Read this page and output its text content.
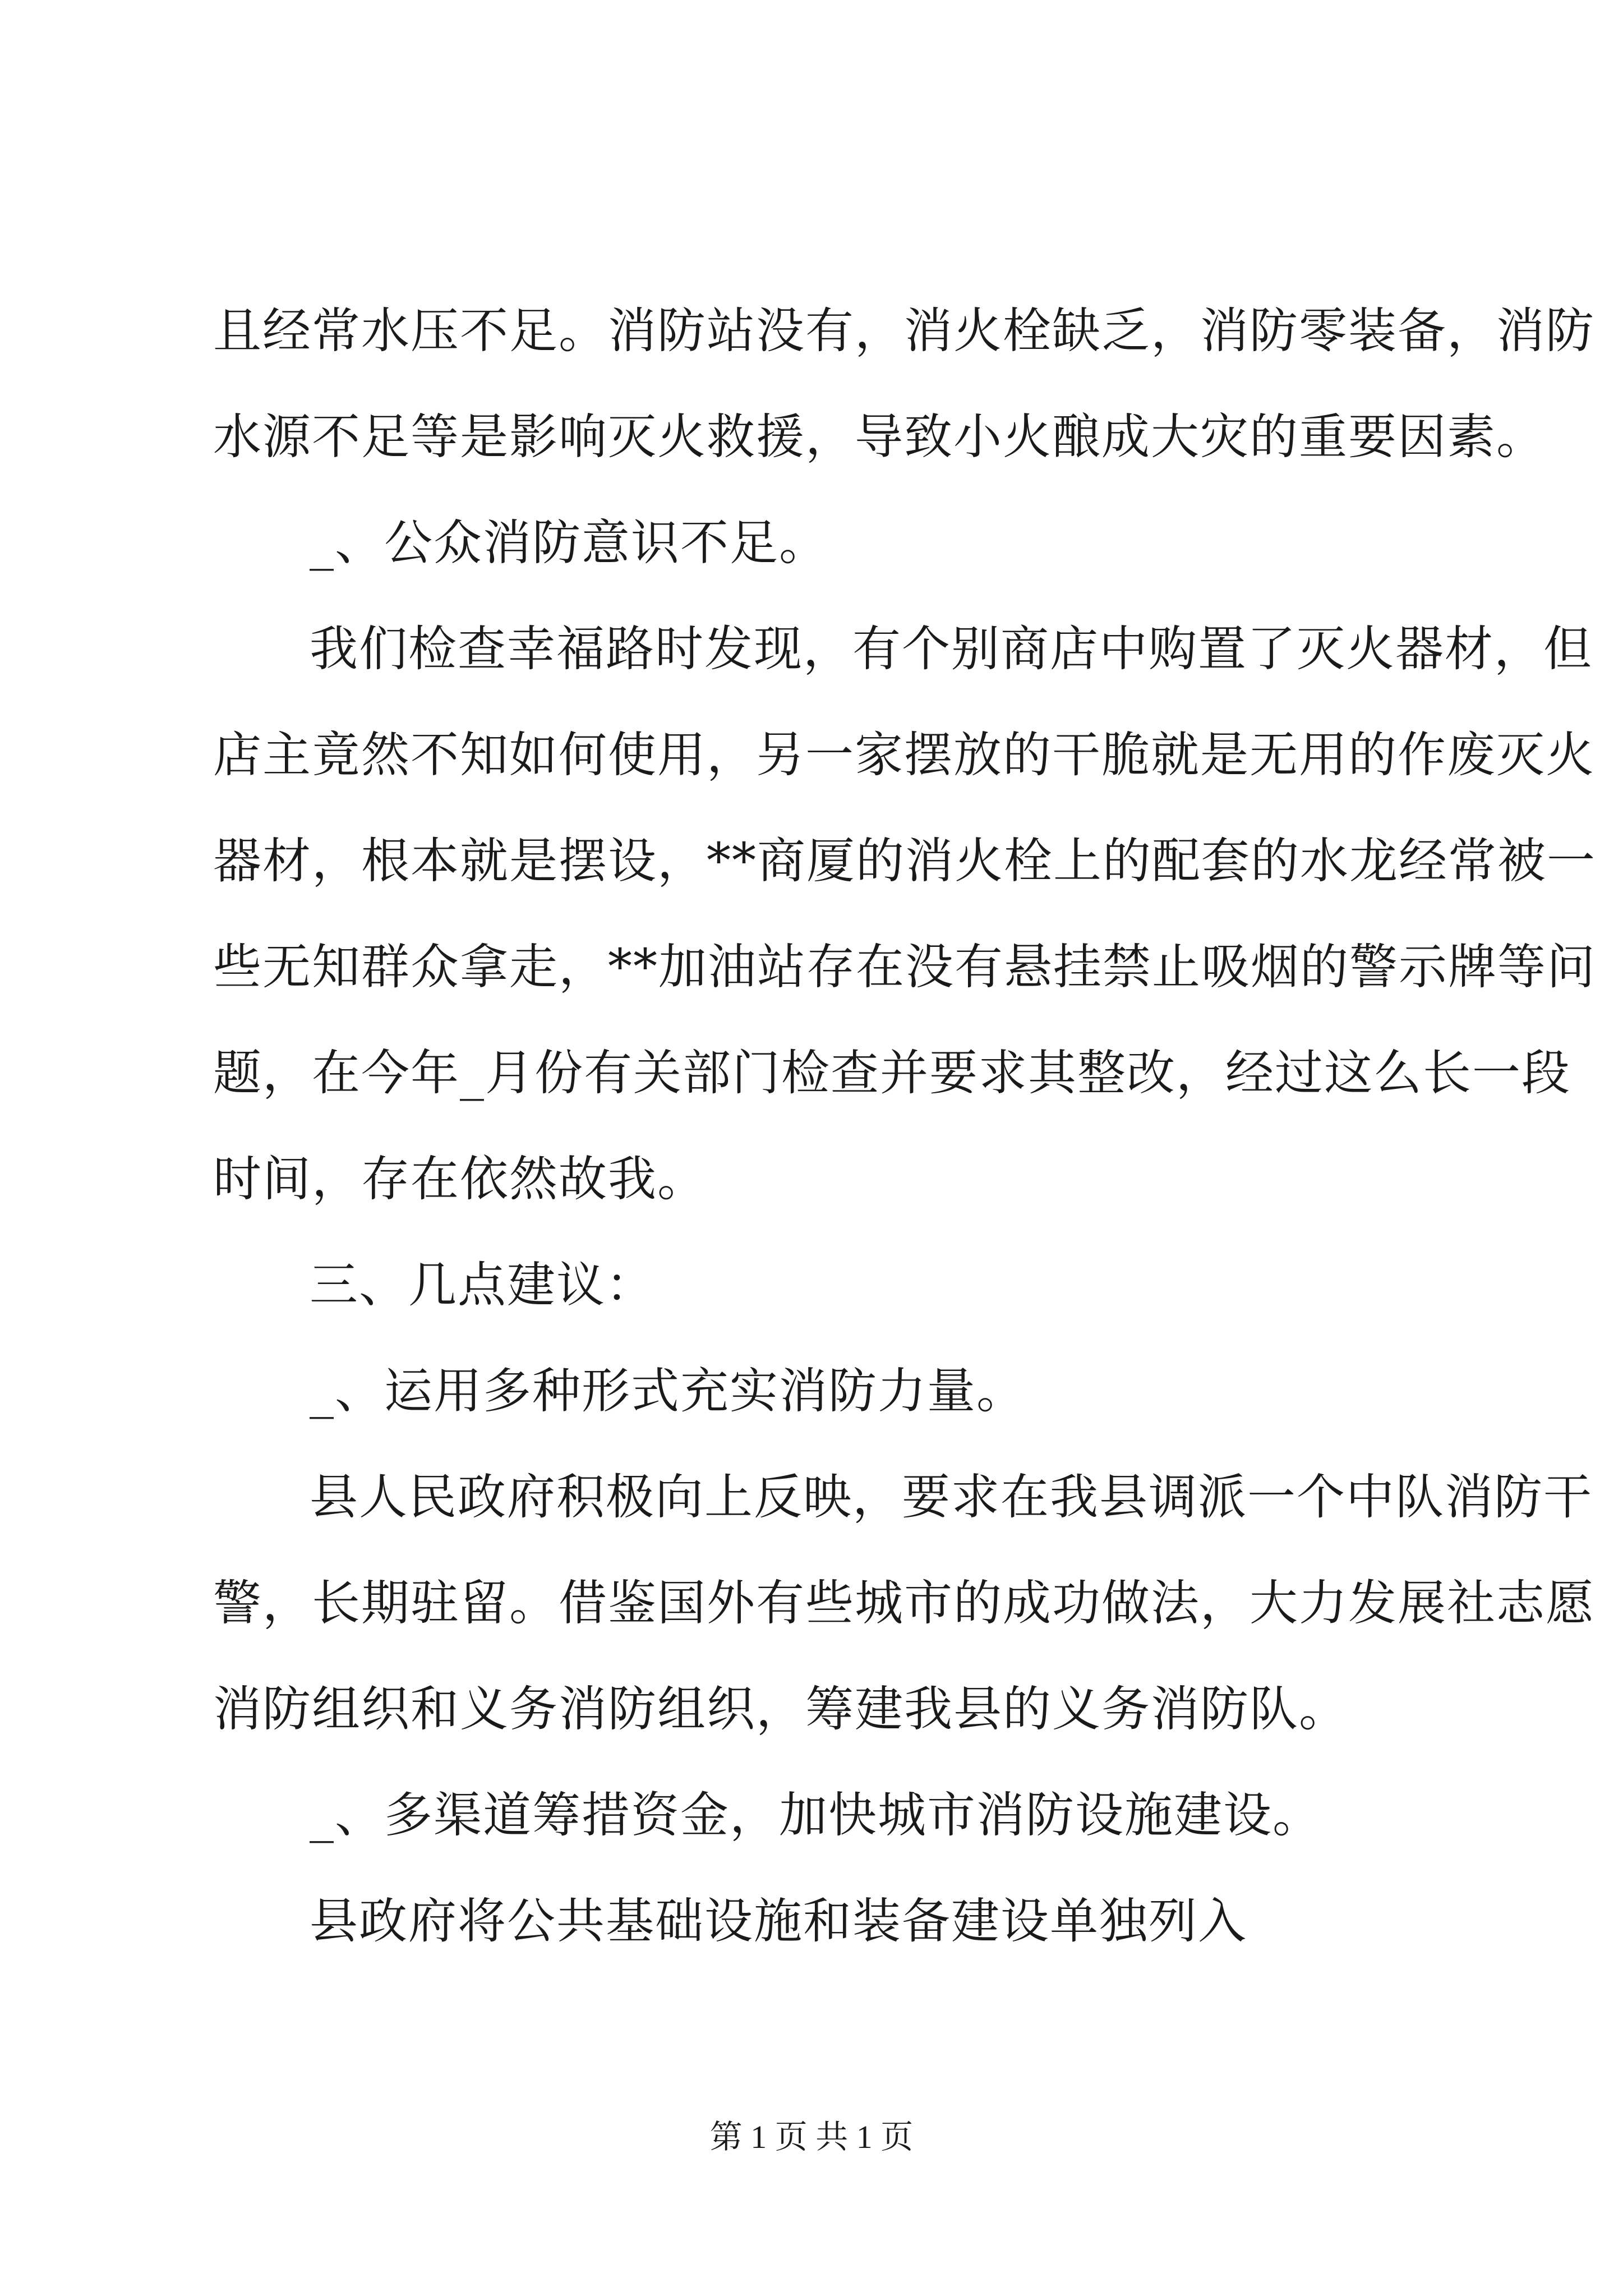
且经常水压不足。消防站没有，消火栓缺乏，消防零装备，消防
水源不足等是影响灭火救援，导致小火酿成大灾的重要因素。
_、公众消防意识不足。
我们检查幸福路时发现，有个别商店中购置了灭火器材，但
店主竟然不知如何使用，另一家摆放的干脆就是无用的作废灭火
器材，根本就是摆设，**商厦的消火栓上的配套的水龙经常被一
些无知群众拿走，**加油站存在没有悬挂禁止吸烟的警示牌等问
题，在今年_月份有关部门检查并要求其整改，经过这么长一段
时间，存在依然故我。
三、几点建议：
_、运用多种形式充实消防力量。
县人民政府积极向上反映，要求在我县调派一个中队消防干
警，长期驻留。借鉴国外有些城市的成功做法，大力发展社志愿
消防组织和义务消防组织，筹建我县的义务消防队。
_、多渠道筹措资金，加快城市消防设施建设。
县政府将公共基础设施和装备建设单独列入
第 1 页 共 1 页
